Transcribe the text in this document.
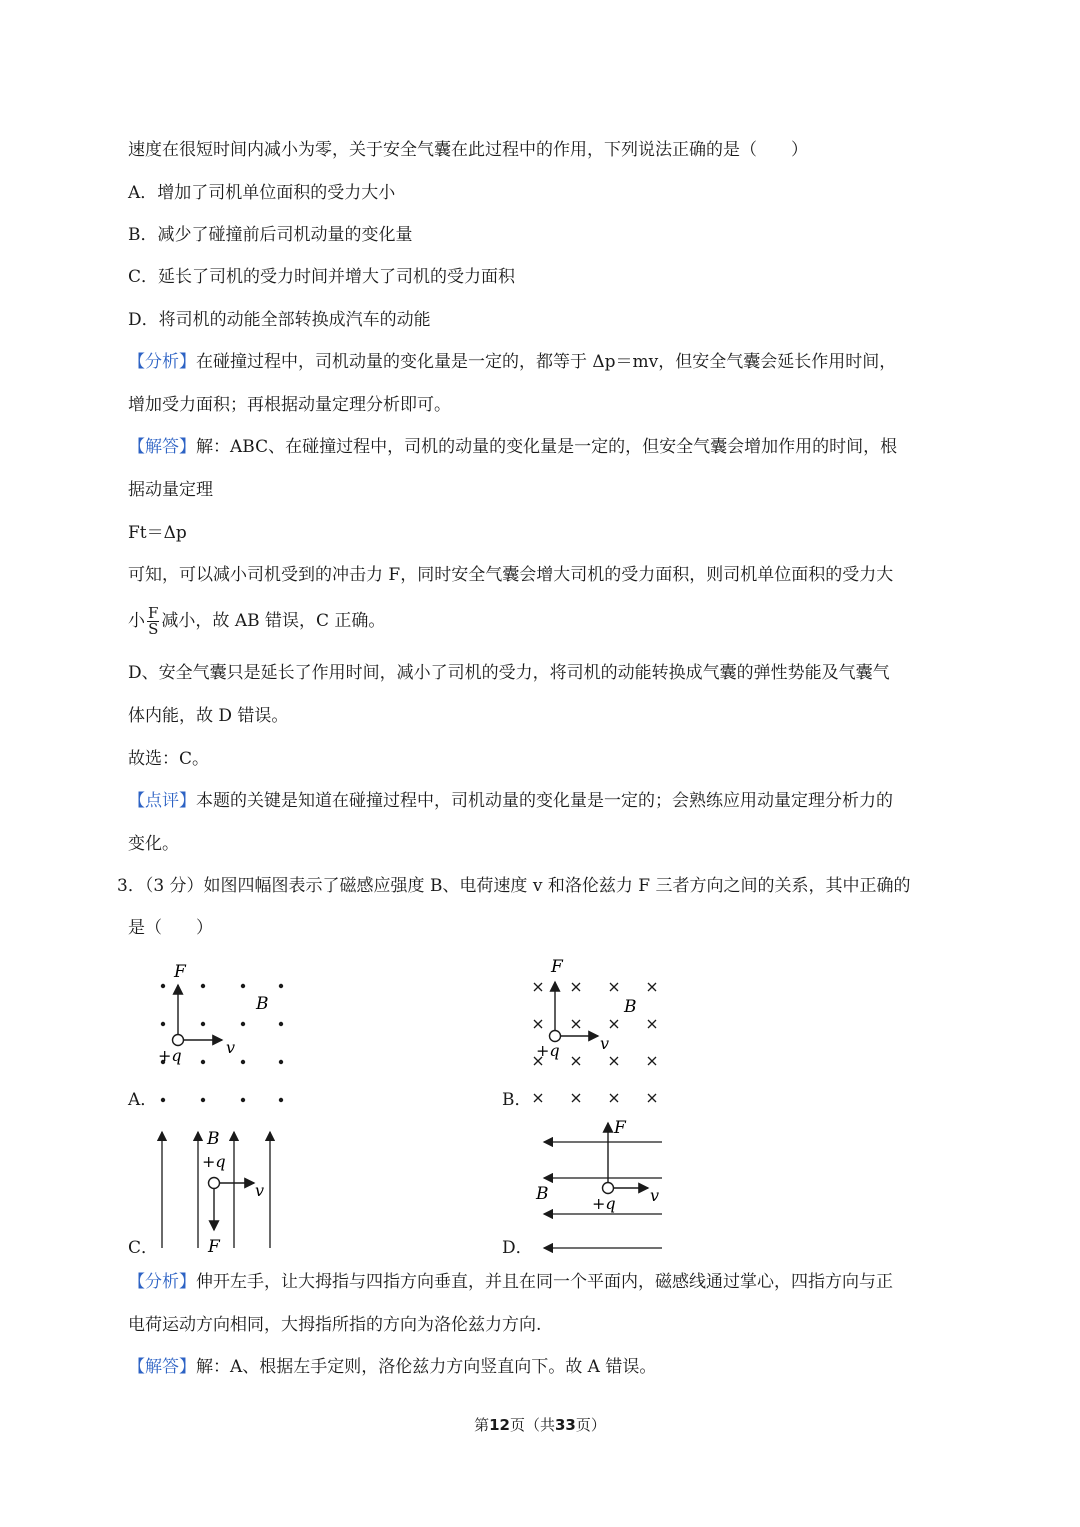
速度在很短时间内减小为零，关于安全气囊在此过程中的作用，下列说法正确的是（　　）
A．增加了司机单位面积的受力大小
B．减少了碰撞前后司机动量的变化量
C．延长了司机的受力时间并增大了司机的受力面积
D．将司机的动能全部转换成汽车的动能
【分析】在碰撞过程中，司机动量的变化量是一定的，都等于 Δp＝mv，但安全气囊会延长作用时间，
增加受力面积；再根据动量定理分析即可。
【解答】解：ABC、在碰撞过程中，司机的动量的变化量是一定的，但安全气囊会增加作用的时间，根
据动量定理
Ft＝Δp
可知，可以减小司机受到的冲击力 F，同时安全气囊会增大司机的受力面积，则司机单位面积的受力大
小 $\frac{F}{S}$ 减小，故 AB 错误，C 正确。
D、安全气囊只是延长了作用时间，减小了司机的受力，将司机的动能转换成气囊的弹性势能及气囊气
体内能，故 D 错误。
故选：C。
【点评】本题的关键是知道在碰撞过程中，司机动量的变化量是一定的；会熟练应用动量定理分析力的
变化。
3．（3 分）如图四幅图表示了磁感应强度 B、电荷速度 v 和洛伦兹力 F 三者方向之间的关系，其中正确的
是（　　）
A．
F
B
v
+q
B．
F
B
v
+q
C．
B
+q
v
F	D．
F
B	v
+q
【分析】伸开左手，让大拇指与四指方向垂直，并且在同一个平面内，磁感线通过掌心，四指方向与正
电荷运动方向相同，大拇指所指的方向为洛伦兹力方向.
【解答】解：A、根据左手定则，洛伦兹力方向竖直向下。故 A 错误。
第12页（共33页）
